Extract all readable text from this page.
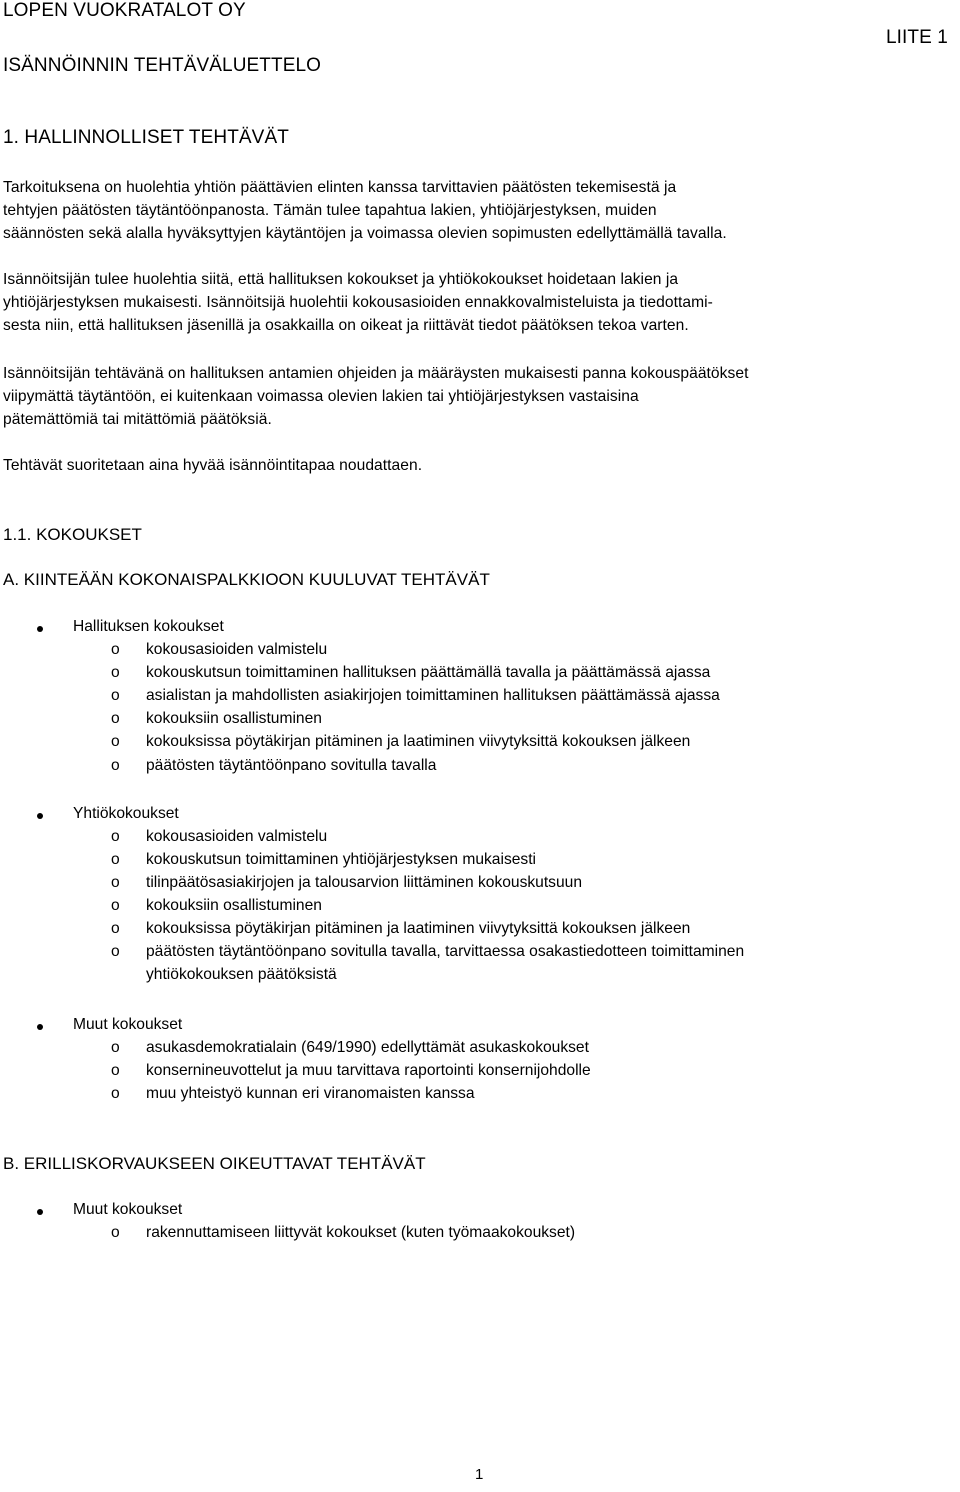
LOPEN VUOKRATALOT OY
ISÄNNÖINNIN TEHTÄVÄLUETTELO
LIITE 1
1. HALLINNOLLISET TEHTÄVÄT
Tarkoituksena on huolehtia yhtiön päättävien elinten kanssa tarvittavien päätösten tekemisestä ja
tehtyjen päätösten täytäntöönpanosta. Tämän tulee tapahtua lakien, yhtiöjärjestyksen, muiden
säännösten sekä alalla hyväksyttyjen käytäntöjen ja voimassa olevien sopimusten edellyttämällä tavalla.
Isännöitsijän tulee huolehtia siitä, että hallituksen kokoukset ja yhtiökokoukset hoidetaan lakien ja
yhtiöjärjestyksen mukaisesti. Isännöitsijä huolehtii kokousasioiden ennakkovalmisteluista ja tiedottami-
sesta niin, että hallituksen jäsenillä ja osakkailla on oikeat ja riittävät tiedot päätöksen tekoa varten.
Isännöitsijän tehtävänä on hallituksen antamien ohjeiden ja määräysten mukaisesti panna kokouspäätökset
viipymättä täytäntöön, ei kuitenkaan voimassa olevien lakien tai yhtiöjärjestyksen vastaisina
pätemättömiä tai mitättömiä päätöksiä.
Tehtävät suoritetaan aina hyvää isännöintitapaa noudattaen.
1.1. KOKOUKSET
A. KIINTEÄÄN KOKONAISPALKKIOON KUULUVAT TEHTÄVÄT
Hallituksen kokoukset
o kokousasioiden valmistelu
o kokouskutsun toimittaminen hallituksen päättämällä tavalla ja päättämässä ajassa
o asialistan ja mahdollisten asiakirjojen toimittaminen hallituksen päättämässä ajassa
o kokouksiin osallistuminen
o kokouksissa pöytäkirjan pitäminen ja laatiminen viivytyksittä kokouksen jälkeen
o päätösten täytäntöönpano sovitulla tavalla
Yhtiökokoukset
o kokousasioiden valmistelu
o kokouskutsun toimittaminen yhtiöjärjestyksen mukaisesti
o tilinpäätösasiakirjojen ja talousarvion liittäminen kokouskutsuun
o kokouksiin osallistuminen
o kokouksissa pöytäkirjan pitäminen ja laatiminen viivytyksittä kokouksen jälkeen
o päätösten täytäntöönpano sovitulla tavalla, tarvittaessa osakastiedotteen toimittaminen
yhtiökokouksen päätöksistä
Muut kokoukset
o asukasdemokratialain (649/1990) edellyttämät asukaskokoukset
o konsernineuvottelut ja muu tarvittava raportointi konsernijohdolle
o muu yhteistyö kunnan eri viranomaisten kanssa
B. ERILLISKORVAUKSEEN OIKEUTTAVAT TEHTÄVÄT
Muut kokoukset
o rakennuttamiseen liittyvät kokoukset (kuten työmaakokoukset)
1
